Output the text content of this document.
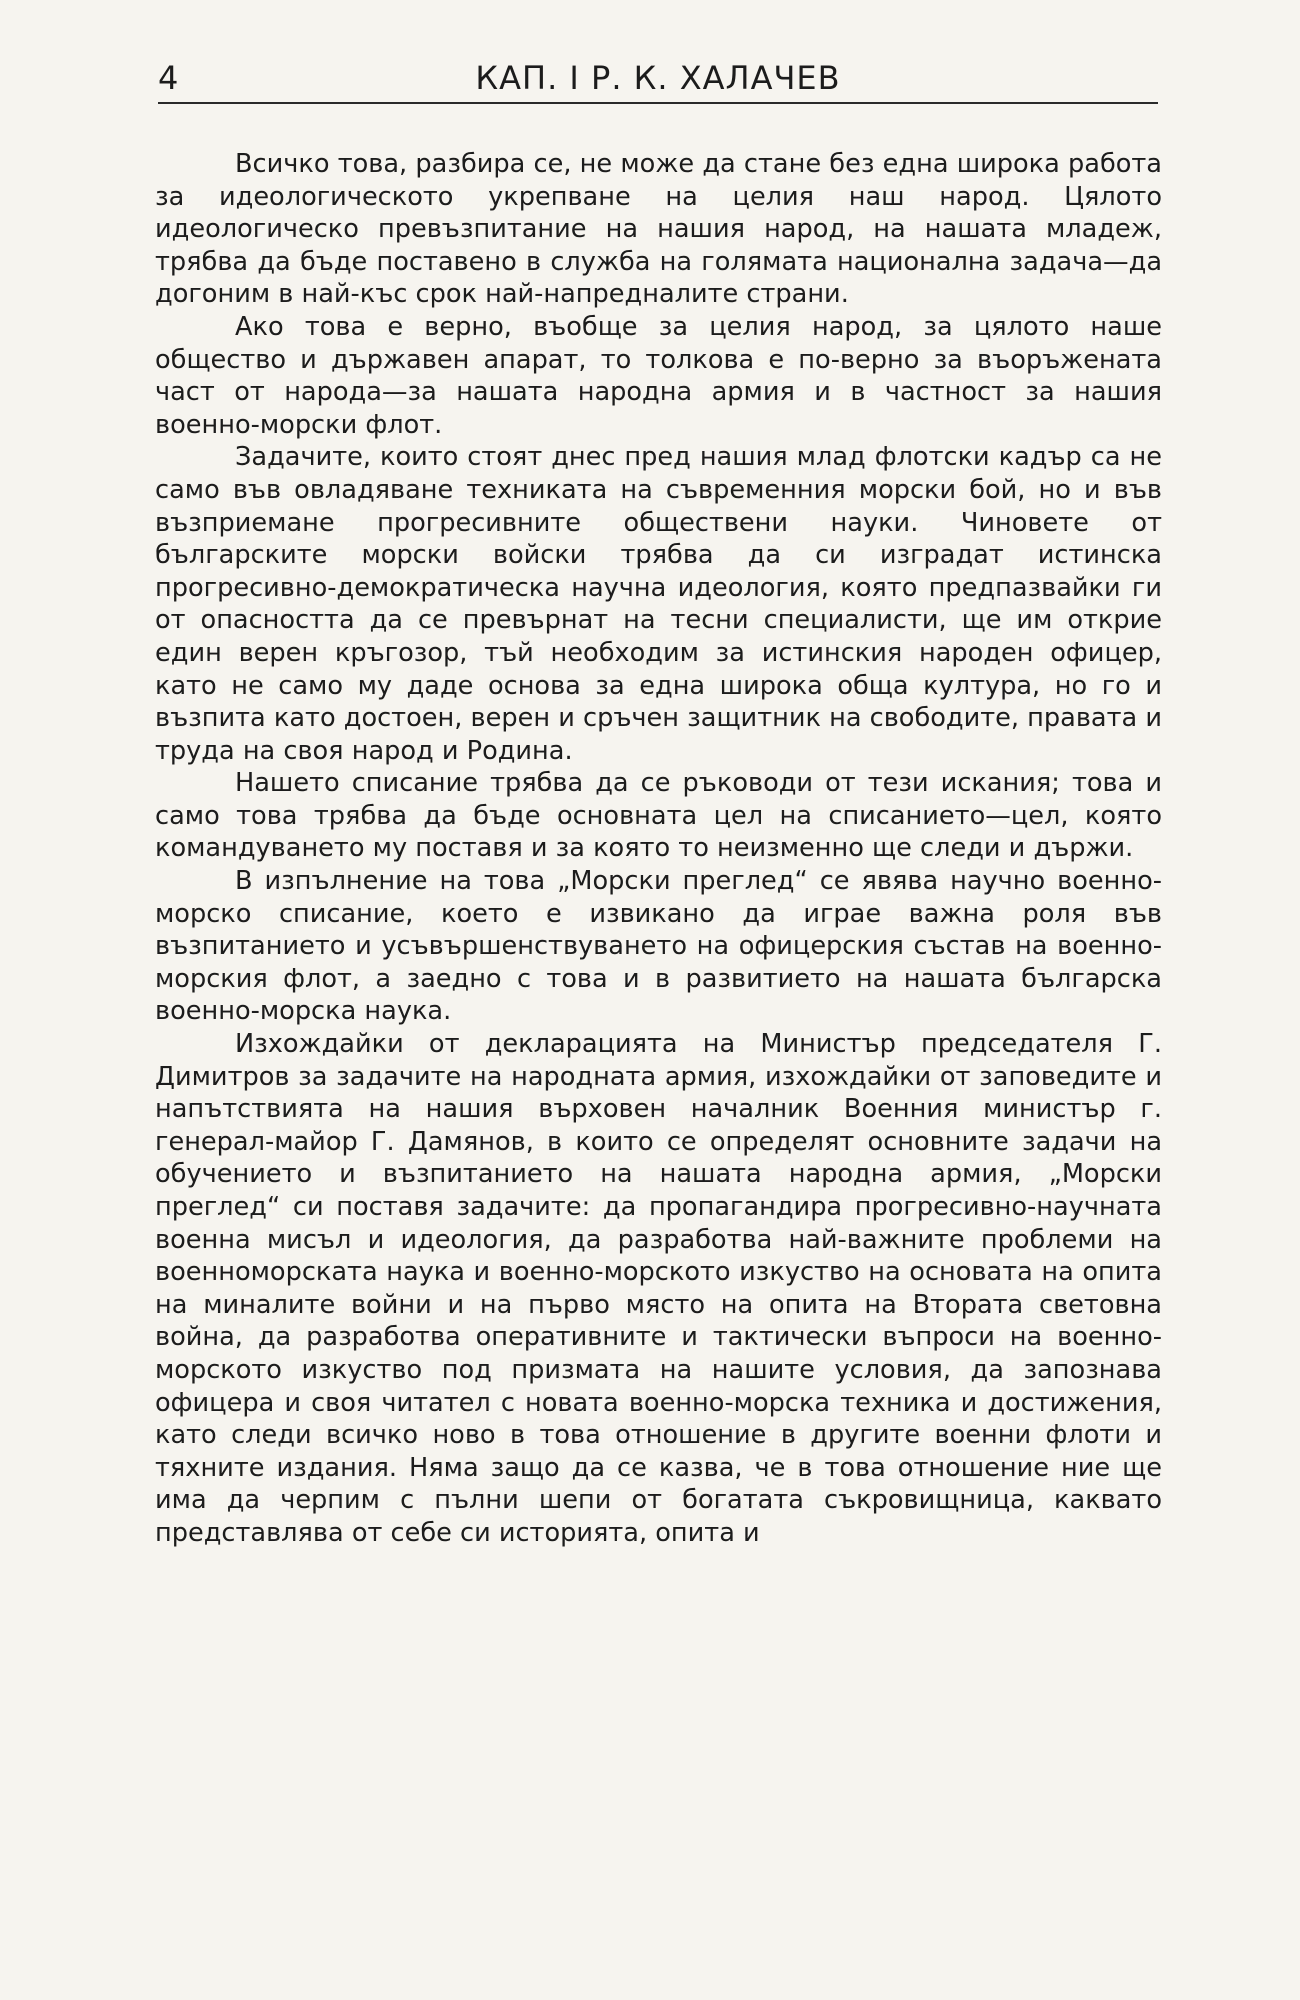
4	КАП. I Р. К. ХАЛАЧЕВ

Всичко това, разбира се, не може да стане без една широка работа за идеологическото укрепване на целия наш народ. Цялото идеологическо превъзпитание на нашия народ, на нашата младеж, трябва да бъде поставено в служба на голямата национална задача—да догоним в най-къс срок най-напредналите страни.

Ако това е верно, въобще за целия народ, за цялото наше общество и държавен апарат, то толкова е по-верно за въоръжената част от народа—за нашата народна армия и в частност за нашия военно-морски флот.

Задачите, които стоят днес пред нашия млад флотски кадър са не само във овладяване техниката на съвременния морски бой, но и във възприемане прогресивните обществени науки. Чиновете от българските морски войски трябва да си изградат истинска прогресивно-демократическа научна идеология, която предпазвайки ги от опасността да се превърнат на тесни специалисти, ще им открие един верен кръгозор, тъй необходим за истинския народен офицер, като не само му даде основа за една широка обща култура, но го и възпита като достоен, верен и сръчен защитник на свободите, правата и труда на своя народ и Родина.

Нашето списание трябва да се ръководи от тези искания; това и само това трябва да бъде основната цел на списанието—цел, която командуването му поставя и за която то неизменно ще следи и държи.

В изпълнение на това „Морски преглед“ се явява научно военно-морско списание, което е извикано да играе важна роля във възпитанието и усъвършенствуването на офицерския състав на военно-морския флот, а заедно с това и в развитието на нашата българска военно-морска наука.

Изхождайки от декларацията на Министър председателя Г. Димитров за задачите на народната армия, изхождайки от заповедите и напътствията на нашия върховен началник Военния министър г. генерал-майор Г. Дамянов, в които се определят основните задачи на обучението и възпитанието на нашата народна армия, „Морски преглед“ си поставя задачите: да пропагандира прогресивно-научната военна мисъл и идеология, да разработва най-важните проблеми на военноморската наука и военно-морското изкуство на основата на опита на миналите войни и на първо място на опита на Втората световна война, да разработва оперативните и тактически въпроси на военно-морското изкуство под призмата на нашите условия, да запознава офицера и своя читател с новата военно-морска техника и достижения, като следи всичко ново в това отношение в другите военни флоти и тяхните издания. Няма защо да се казва, че в това отношение ние ще има да черпим с пълни шепи от богатата съкровищница, каквато представлява от себе си историята, опита и
